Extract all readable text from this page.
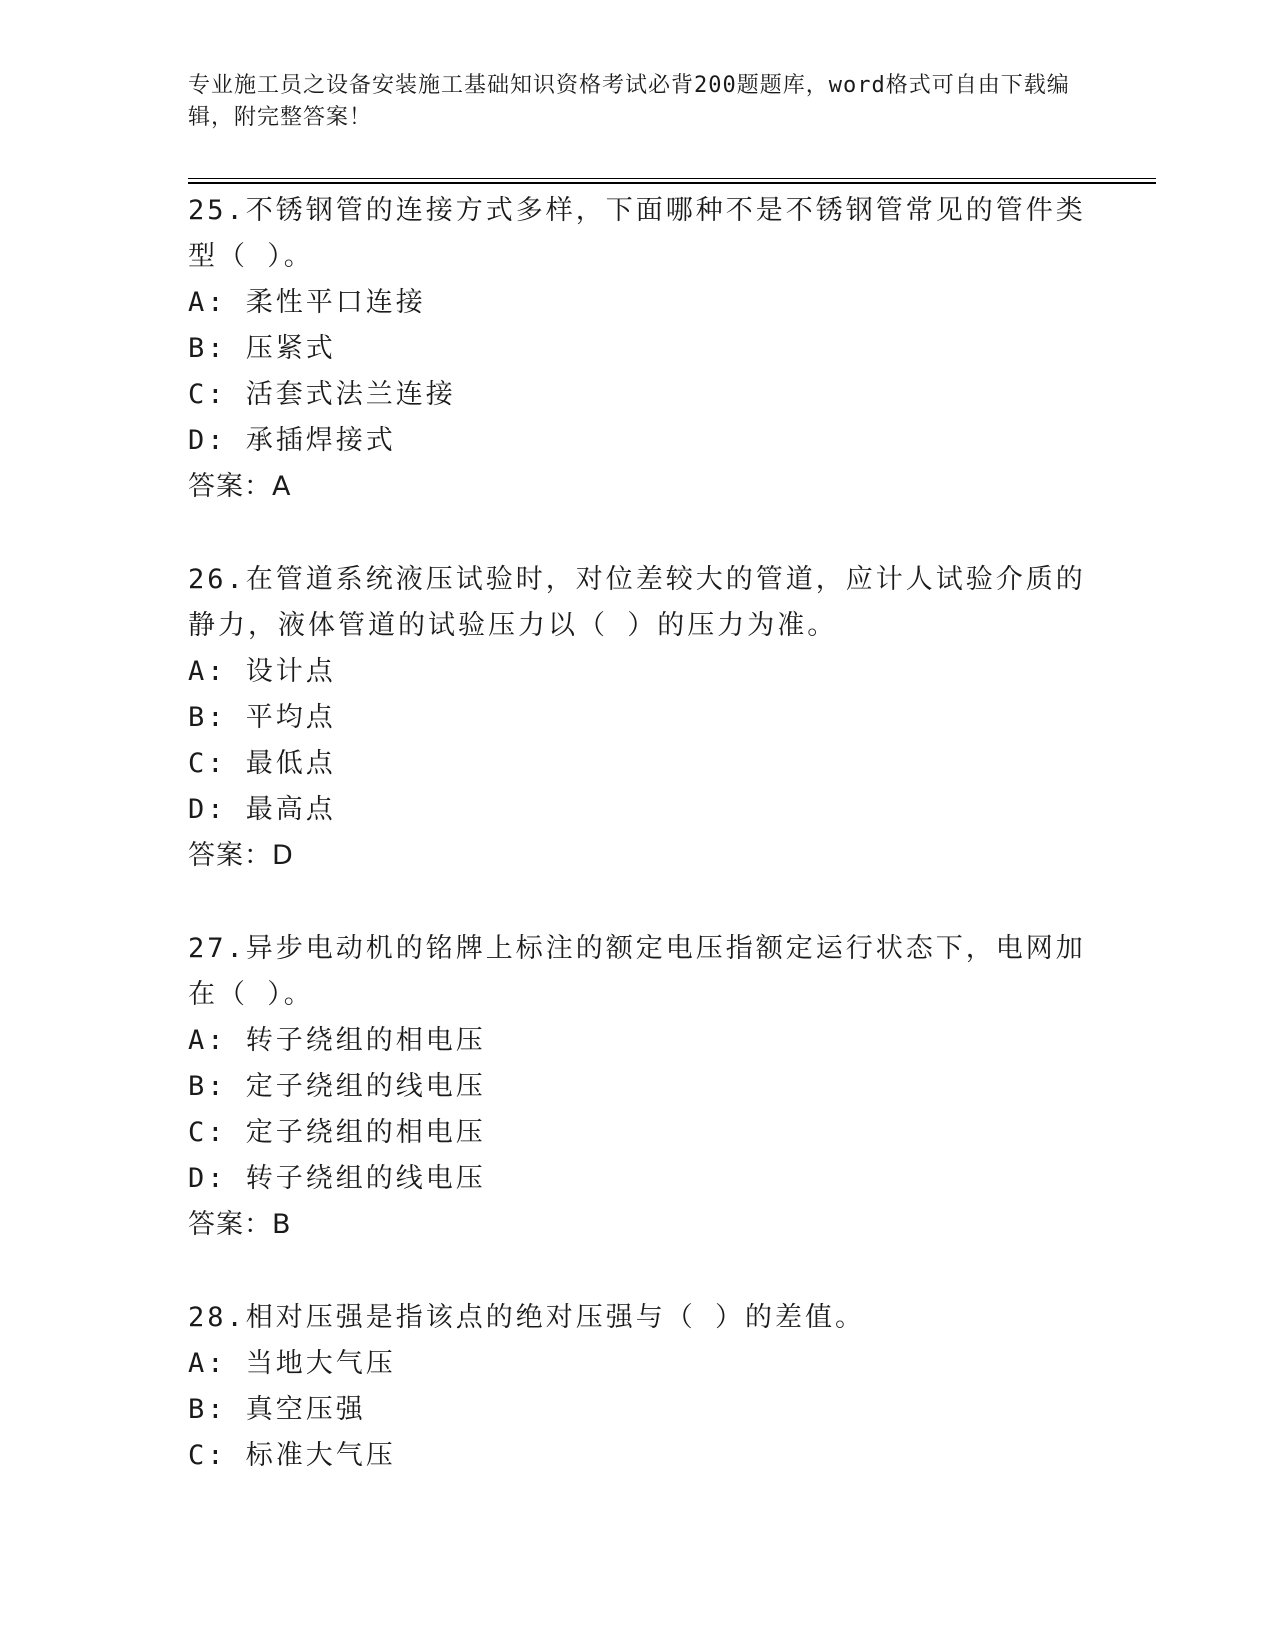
专业施工员之设备安装施工基础知识资格考试必背200题题库，word格式可自由下载编辑，附完整答案！
25.不锈钢管的连接方式多样，下面哪种不是不锈钢管常见的管件类型（ ）。
A: 柔性平口连接
B: 压紧式
C: 活套式法兰连接
D: 承插焊接式
答案：A
26.在管道系统液压试验时，对位差较大的管道，应计人试验介质的静力，液体管道的试验压力以（ ）的压力为准。
A: 设计点
B: 平均点
C: 最低点
D: 最高点
答案：D
27.异步电动机的铭牌上标注的额定电压指额定运行状态下，电网加在（ ）。
A: 转子绕组的相电压
B: 定子绕组的线电压
C: 定子绕组的相电压
D: 转子绕组的线电压
答案：B
28.相对压强是指该点的绝对压强与（ ）的差值。
A: 当地大气压
B: 真空压强
C: 标准大气压
